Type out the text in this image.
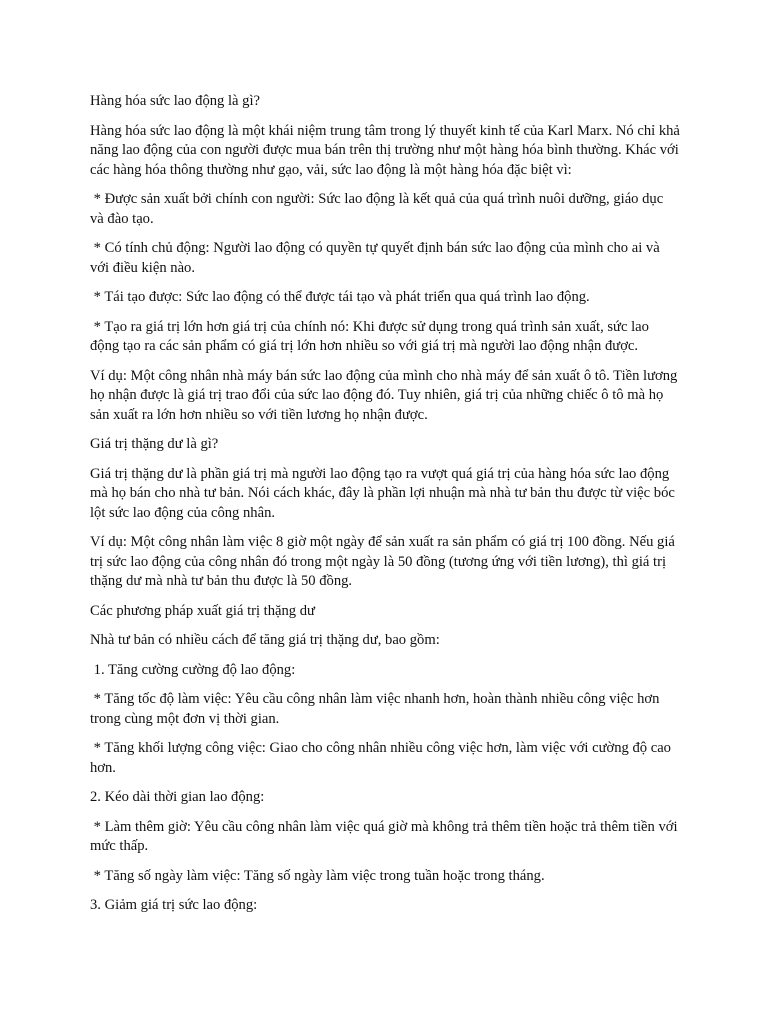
Hàng hóa sức lao động là gì?

Hàng hóa sức lao động là một khái niệm trung tâm trong lý thuyết kinh tế của Karl Marx. Nó chỉ khả năng lao động của con người được mua bán trên thị trường như một hàng hóa bình thường. Khác với các hàng hóa thông thường như gạo, vải, sức lao động là một hàng hóa đặc biệt vì:

* Được sản xuất bởi chính con người: Sức lao động là kết quả của quá trình nuôi dưỡng, giáo dục và đào tạo.

* Có tính chủ động: Người lao động có quyền tự quyết định bán sức lao động của mình cho ai và với điều kiện nào.

* Tái tạo được: Sức lao động có thể được tái tạo và phát triển qua quá trình lao động.

* Tạo ra giá trị lớn hơn giá trị của chính nó: Khi được sử dụng trong quá trình sản xuất, sức lao động tạo ra các sản phẩm có giá trị lớn hơn nhiều so với giá trị mà người lao động nhận được.

Ví dụ: Một công nhân nhà máy bán sức lao động của mình cho nhà máy để sản xuất ô tô. Tiền lương họ nhận được là giá trị trao đổi của sức lao động đó. Tuy nhiên, giá trị của những chiếc ô tô mà họ sản xuất ra lớn hơn nhiều so với tiền lương họ nhận được.

Giá trị thặng dư là gì?

Giá trị thặng dư là phần giá trị mà người lao động tạo ra vượt quá giá trị của hàng hóa sức lao động mà họ bán cho nhà tư bản. Nói cách khác, đây là phần lợi nhuận mà nhà tư bản thu được từ việc bóc lột sức lao động của công nhân.

Ví dụ: Một công nhân làm việc 8 giờ một ngày để sản xuất ra sản phẩm có giá trị 100 đồng. Nếu giá trị sức lao động của công nhân đó trong một ngày là 50 đồng (tương ứng với tiền lương), thì giá trị thặng dư mà nhà tư bản thu được là 50 đồng.

Các phương pháp xuất giá trị thặng dư

Nhà tư bản có nhiều cách để tăng giá trị thặng dư, bao gồm:

1. Tăng cường cường độ lao động:

* Tăng tốc độ làm việc: Yêu cầu công nhân làm việc nhanh hơn, hoàn thành nhiều công việc hơn trong cùng một đơn vị thời gian.

* Tăng khối lượng công việc: Giao cho công nhân nhiều công việc hơn, làm việc với cường độ cao hơn.

2. Kéo dài thời gian lao động:

* Làm thêm giờ: Yêu cầu công nhân làm việc quá giờ mà không trả thêm tiền hoặc trả thêm tiền với mức thấp.

* Tăng số ngày làm việc: Tăng số ngày làm việc trong tuần hoặc trong tháng.

3. Giảm giá trị sức lao động:
